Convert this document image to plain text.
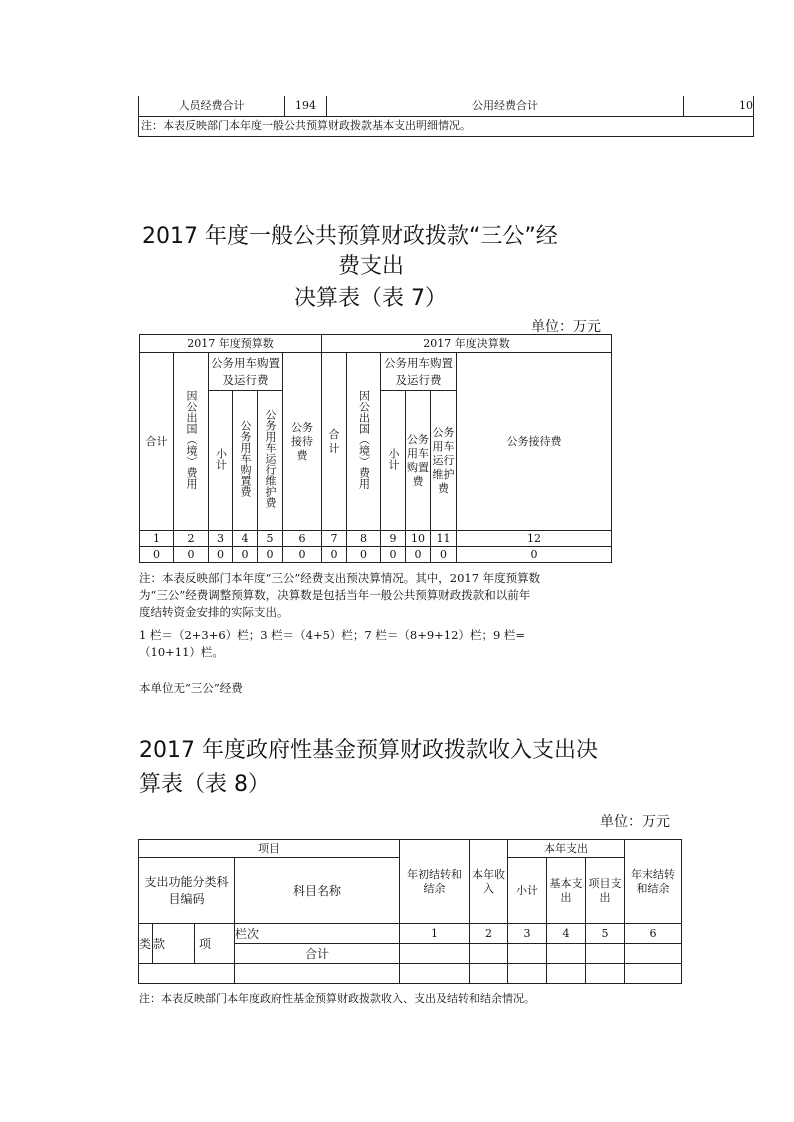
人员经费合计	194	公用经费合计	10
注：本表反映部门本年度一般公共预算财政拨款基本支出明细情况。
2017 年度一般公共预算财政拨款“三公”经
费支出
决算表（表 7）
单位：万元
2017 年度预算数						2017 年度决算数					
合计	因公出国（境）费用	公务用车购置及运行费			公务接待费	合计	因公出国（境）费用	公务用车购置及运行费			公务接待费
		小计	公务用车购置费	公务用车运行维护费				小计	公务用车购置费	公务用车运行维护费	
1	2	3	4	5	6	7	8	9	10	11	12
0	0	0	0	0	0	0	0	0	0	0	0
注：本表反映部门本年度“三公”经费支出预决算情况。其中，2017 年度预算数
为“三公”经费调整预算数，决算数是包括当年一般公共预算财政拨款和以前年
度结转资金安排的实际支出。
1 栏＝（2+3+6）栏；3 栏＝（4+5）栏；7 栏＝（8+9+12）栏；9 栏=
（10+11）栏。
本单位无“三公”经费
2017 年度政府性基金预算财政拨款收入支出决
算表（表 8）
单位：万元
项目				年初结转和结余	本年收入	本年支出			年末结转和结余
支出功能分类科目编码			科目名称			小计	基本支出	项目支出	
类	款	项	栏次	1	2	3	4	5	6
			合计						

注：本表反映部门本年度政府性基金预算财政拨款收入、支出及结转和结余情况。
